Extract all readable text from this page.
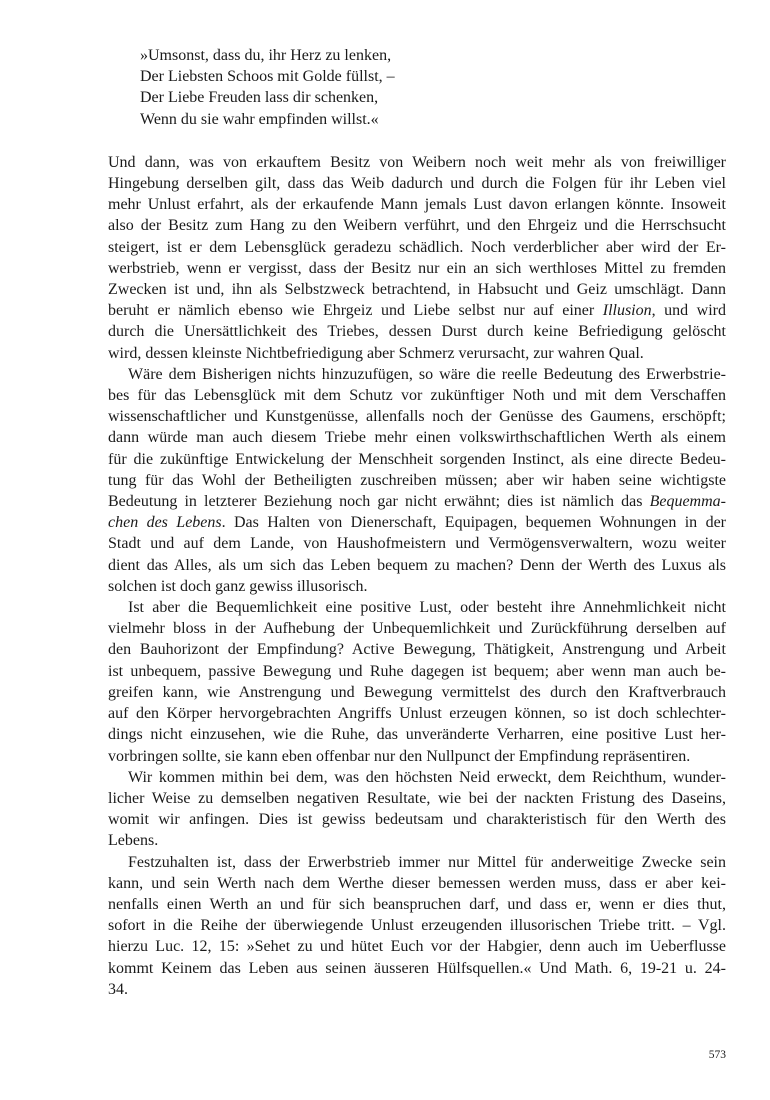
»Umsonst, dass du, ihr Herz zu lenken,
Der Liebsten Schoos mit Golde füllst, –
Der Liebe Freuden lass dir schenken,
Wenn du sie wahr empfinden willst.«
Und dann, was von erkauftem Besitz von Weibern noch weit mehr als von freiwilliger
Hingebung derselben gilt, dass das Weib dadurch und durch die Folgen für ihr Leben viel
mehr Unlust erfahrt, als der erkaufende Mann jemals Lust davon erlangen könnte. Insoweit
also der Besitz zum Hang zu den Weibern verführt, und den Ehrgeiz und die Herrschsucht
steigert, ist er dem Lebensglück geradezu schädlich. Noch verderblicher aber wird der Er-
werbstrieb, wenn er vergisst, dass der Besitz nur ein an sich werthloses Mittel zu fremden
Zwecken ist und, ihn als Selbstzweck betrachtend, in Habsucht und Geiz umschlägt. Dann
beruht er nämlich ebenso wie Ehrgeiz und Liebe selbst nur auf einer Illusion, und wird
durch die Unersättlichkeit des Triebes, dessen Durst durch keine Befriedigung gelöscht
wird, dessen kleinste Nichtbefriedigung aber Schmerz verursacht, zur wahren Qual.
Wäre dem Bisherigen nichts hinzuzufügen, so wäre die reelle Bedeutung des Erwerbstrie-
bes für das Lebensglück mit dem Schutz vor zukünftiger Noth und mit dem Verschaffen
wissenschaftlicher und Kunstgenüsse, allenfalls noch der Genüsse des Gaumens, erschöpft;
dann würde man auch diesem Triebe mehr einen volkswirthschaftlichen Werth als einem
für die zukünftige Entwickelung der Menschheit sorgenden Instinct, als eine directe Bedeu-
tung für das Wohl der Betheiligten zuschreiben müssen; aber wir haben seine wichtigste
Bedeutung in letzterer Beziehung noch gar nicht erwähnt; dies ist nämlich das Bequemma-
chen des Lebens. Das Halten von Dienerschaft, Equipagen, bequemen Wohnungen in der
Stadt und auf dem Lande, von Haushofmeistern und Vermögensverwaltern, wozu weiter
dient das Alles, als um sich das Leben bequem zu machen? Denn der Werth des Luxus als
solchen ist doch ganz gewiss illusorisch.
Ist aber die Bequemlichkeit eine positive Lust, oder besteht ihre Annehmlichkeit nicht
vielmehr bloss in der Aufhebung der Unbequemlichkeit und Zurückführung derselben auf
den Bauhorizont der Empfindung? Active Bewegung, Thätigkeit, Anstrengung und Arbeit
ist unbequem, passive Bewegung und Ruhe dagegen ist bequem; aber wenn man auch be-
greifen kann, wie Anstrengung und Bewegung vermittelst des durch den Kraftverbrauch
auf den Körper hervorgebrachten Angriffs Unlust erzeugen können, so ist doch schlechter-
dings nicht einzusehen, wie die Ruhe, das unveränderte Verharren, eine positive Lust her-
vorbringen sollte, sie kann eben offenbar nur den Nullpunct der Empfindung repräsentiren.
Wir kommen mithin bei dem, was den höchsten Neid erweckt, dem Reichthum, wunder-
licher Weise zu demselben negativen Resultate, wie bei der nackten Fristung des Daseins,
womit wir anfingen. Dies ist gewiss bedeutsam und charakteristisch für den Werth des
Lebens.
Festzuhalten ist, dass der Erwerbstrieb immer nur Mittel für anderweitige Zwecke sein
kann, und sein Werth nach dem Werthe dieser bemessen werden muss, dass er aber kei-
nenfalls einen Werth an und für sich beanspruchen darf, und dass er, wenn er dies thut,
sofort in die Reihe der überwiegende Unlust erzeugenden illusorischen Triebe tritt. – Vgl.
hierzu Luc. 12, 15: »Sehet zu und hütet Euch vor der Habgier, denn auch im Ueberflusse
kommt Keinem das Leben aus seinen äusseren Hülfsquellen.« Und Math. 6, 19-21 u. 24-
34.
573
